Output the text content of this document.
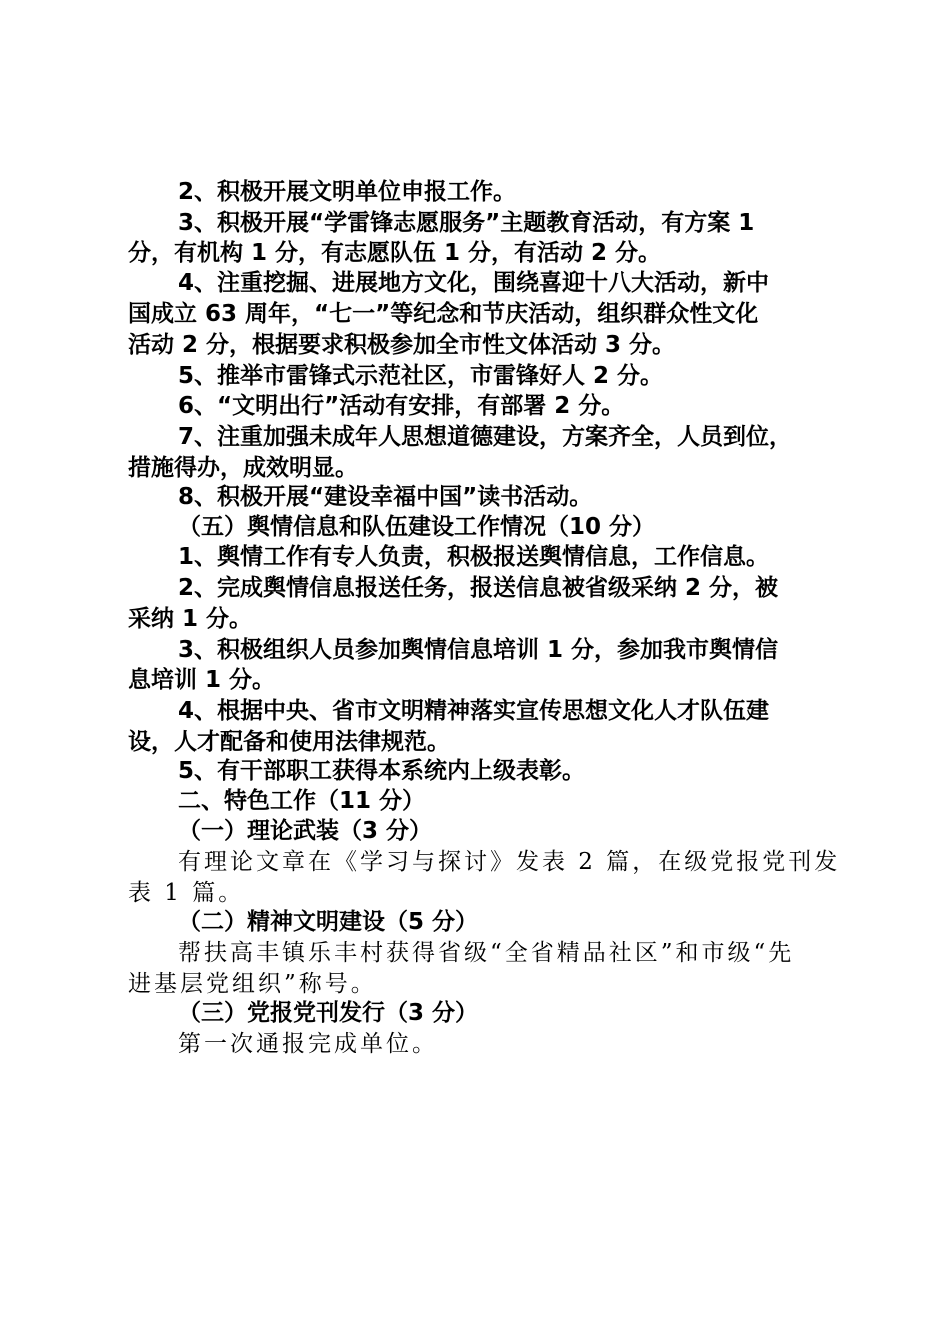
2、积极开展文明单位申报工作。
3、积极开展“学雷锋志愿服务”主题教育活动，有方案 1
分，有机构 1 分，有志愿队伍 1 分，有活动 2 分。
4、注重挖掘、进展地方文化，围绕喜迎十八大活动，新中
国成立 63 周年，“七一”等纪念和节庆活动，组织群众性文化
活动 2 分，根据要求积极参加全市性文体活动 3 分。
5、推举市雷锋式示范社区，市雷锋好人 2 分。
6、“文明出行”活动有安排，有部署 2 分。
7、注重加强未成年人思想道德建设，方案齐全，人员到位，
措施得办，成效明显。
8、积极开展“建设幸福中国”读书活动。
（五）舆情信息和队伍建设工作情况（10 分）
1、舆情工作有专人负责，积极报送舆情信息，工作信息。
2、完成舆情信息报送任务，报送信息被省级采纳 2 分，被
采纳 1 分。
3、积极组织人员参加舆情信息培训 1 分，参加我市舆情信
息培训 1 分。
4、根据中央、省市文明精神落实宣传思想文化人才队伍建
设，人才配备和使用法律规范。
5、有干部职工获得本系统内上级表彰。
二、特色工作（11 分）
（一）理论武装（3 分）
有理论文章在《学习与探讨》发表 2 篇，在级党报党刊发
表 1 篇。
（二）精神文明建设（5 分）
帮扶高丰镇乐丰村获得省级“全省精品社区”和市级“先
进基层党组织”称号。
（三）党报党刊发行（3 分）
第一次通报完成单位。
